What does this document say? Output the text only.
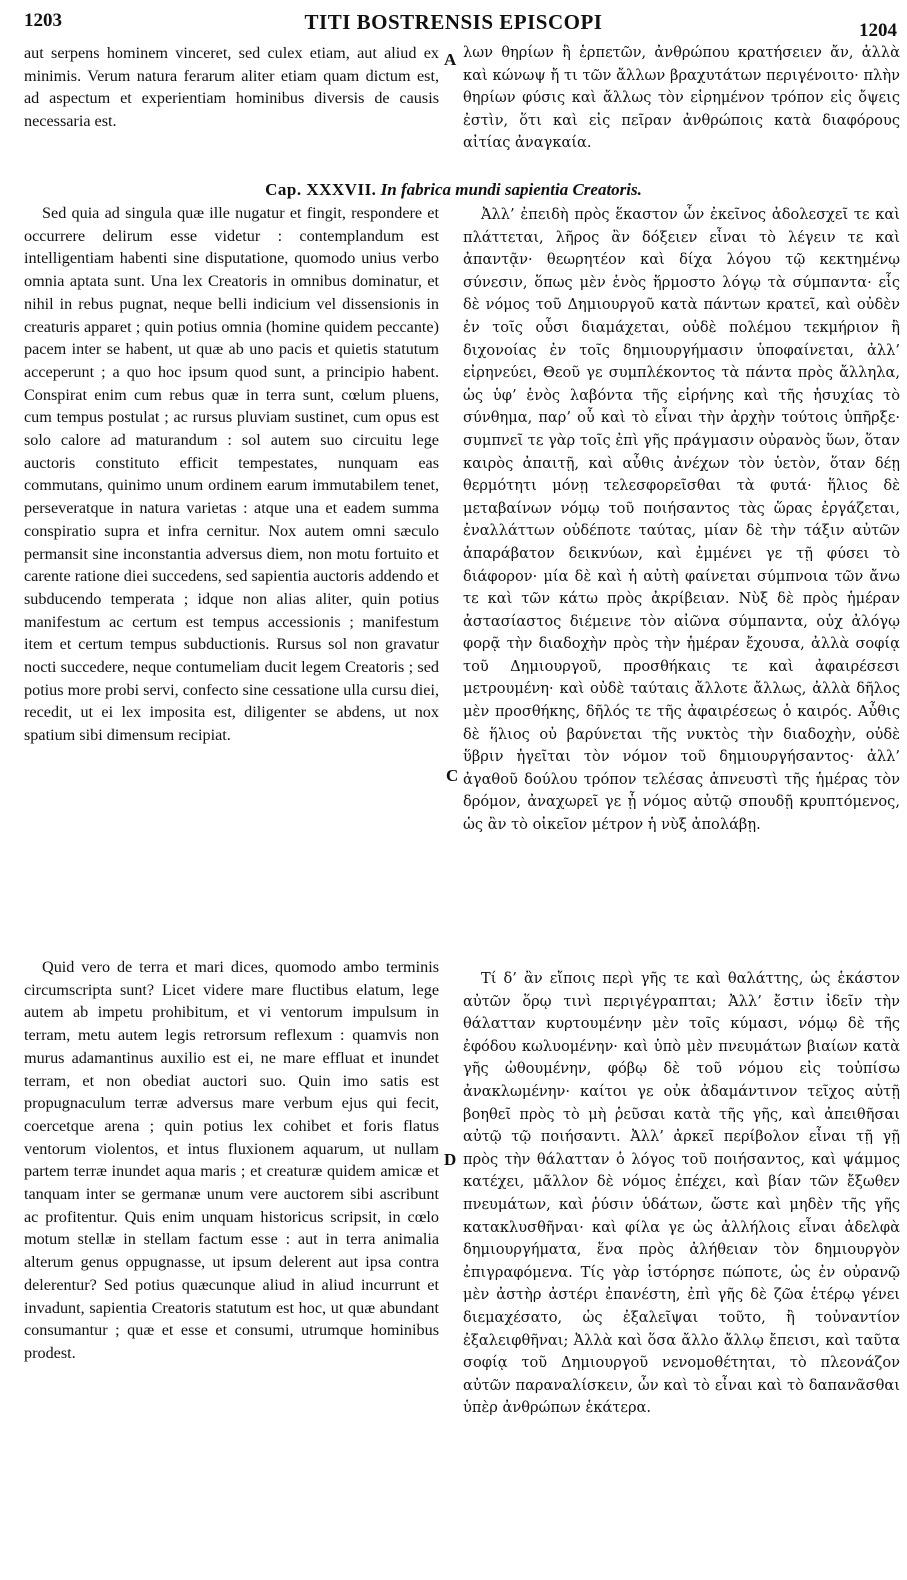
1203	TITI BOSTRENSIS EPISCOPI	1204

aut serpens hominem vinceret, sed culex etiam, aut aliud ex minimis. Verum natura ferarum aliter etiam quam dictum est, ad aspectum et experientiam hominibus diversis de causis necessaria est.

A λων θηρίων ἢ ἑρπετῶν, ἀνθρώπου κρατήσειεν ἄν, ἀλλὰ καὶ κώνωψ ἤ τι τῶν ἄλλων βραχυτάτων περιγένοιτο· πλὴν θηρίων φύσις καὶ ἄλλως τὸν εἰρημένον τρόπον εἰς ὄψεις ἐστὶν, ὅτι καὶ εἰς πεῖραν ἀνθρώποις κατὰ διαφόρους αἰτίας ἀναγκαία.

Cap. XXXVII. In fabrica mundi sapientia Creatoris.

Sed quia ad singula quæ ille nugatur et fingit, respondere et occurrere delirum esse videtur : contemplandum est intelligentiam habenti sine disputatione, quomodo unius verbo omnia aptata sunt. Una lex Creatoris in omnibus dominatur, et nihil in rebus pugnat, neque belli indicium vel dissensionis in creaturis apparet ; quin potius omnia (homine quidem peccante) pacem inter se habent, ut quæ ab uno pacis et quietis statutum acceperunt ; a quo hoc ipsum quod sunt, a principio habent. Conspirat enim cum rebus quæ in terra sunt, cœlum pluens, cum tempus postulat ; ac rursus pluviam sustinet, cum opus est solo calore ad maturandum : sol autem suo circuitu lege auctoris constituto efficit tempestates, nunquam eas commutans, quinimo unum ordinem earum immutabilem tenet, perseveratque in natura varietas : atque una et eadem summa conspiratio supra et infra cernitur. Nox autem omni sæculo permansit sine inconstantia adversus diem, non motu fortuito et carente ratione diei succedens, sed sapientia auctoris addendo et subducendo temperata ; idque non alias aliter, quin potius manifestum ac certum est tempus accessionis ; manifestum item et certum tempus subductionis. Rursus sol non gravatur nocti succedere, neque contumeliam ducit legem Creatoris ; sed potius more probi servi, confecto sine cessatione ulla cursu diei, recedit, ut ei lex imposita est, diligenter se abdens, ut nox spatium sibi dimensum recipiat.

C

Ἀλλ’ ἐπειδὴ πρὸς ἕκαστον ὧν ἐκεῖνος ἀδολεσχεῖ τε καὶ πλάττεται, λῆρος ἂν δόξειεν εἶναι τὸ λέγειν τε καὶ ἀπαντᾷν· θεωρητέον καὶ δίχα λόγου τῷ κεκτημένῳ σύνεσιν, ὅπως μὲν ἑνὸς ἥρμοστο λόγῳ τὰ σύμπαντα· εἷς δὲ νόμος τοῦ Δημιουργοῦ κατὰ πάντων κρατεῖ, καὶ οὐδὲν ἐν τοῖς οὖσι διαμάχεται, οὐδὲ πολέμου τεκμήριον ἢ διχονοίας ἐν τοῖς δημιουργήμασιν ὑποφαίνεται, ἀλλ’ εἰρηνεύει, Θεοῦ γε συμπλέκοντος τὰ πάντα πρὸς ἄλληλα, ὡς ὑφ’ ἑνὸς λαβόντα τῆς εἰρήνης καὶ τῆς ἡσυχίας τὸ σύνθημα, παρ’ οὗ καὶ τὸ εἶναι τὴν ἀρχὴν τούτοις ὑπῆρξε· συμπνεῖ τε γὰρ τοῖς ἐπὶ γῆς πράγμασιν οὐρανὸς ὕων, ὅταν καιρὸς ἀπαιτῇ, καὶ αὖθις ἀνέχων τὸν ὑετὸν, ὅταν δέῃ θερμότητι μόνῃ τελεσφορεῖσθαι τὰ φυτά· ἥλιος δὲ μεταβαίνων νόμῳ τοῦ ποιήσαντος τὰς ὥρας ἐργάζεται, ἐναλλάττων οὐδέποτε ταύτας, μίαν δὲ τὴν τάξιν αὐτῶν ἀπαράβατον δεικνύων, καὶ ἐμμένει γε τῇ φύσει τὸ διάφορον· μία δὲ καὶ ἡ αὐτὴ φαίνεται σύμπνοια τῶν ἄνω τε καὶ τῶν κάτω πρὸς ἀκρίβειαν. Νὺξ δὲ πρὸς ἡμέραν ἀστασίαστος διέμεινε τὸν αἰῶνα σύμπαντα, οὐχ ἀλόγῳ φορᾷ τὴν διαδοχὴν πρὸς τὴν ἡμέραν ἔχουσα, ἀλλὰ σοφίᾳ τοῦ Δημιουργοῦ, προσθήκαις τε καὶ ἀφαιρέσεσι μετρουμένη· καὶ οὐδὲ ταύταις ἄλλοτε ἄλλως, ἀλλὰ δῆλος μὲν προσθήκης, δῆλός τε τῆς ἀφαιρέσεως ὁ καιρός. Αὖθις δὲ ἥλιος οὐ βαρύνεται τῆς νυκτὸς τὴν διαδοχὴν, οὐδὲ ὕβριν ἡγεῖται τὸν νόμον τοῦ δημιουργήσαντος· ἀλλ’ ἀγαθοῦ δούλου τρόπον τελέσας ἀπνευστὶ τῆς ἡμέρας τὸν δρόμον, ἀναχωρεῖ γε ᾗ νόμος αὐτῷ σπουδῇ κρυπτόμενος, ὡς ἂν τὸ οἰκεῖον μέτρον ἡ νὺξ ἀπολάβῃ.

Quid vero de terra et mari dices, quomodo ambo terminis circumscripta sunt? Licet videre mare fluctibus elatum, lege autem ab impetu prohibitum, et vi ventorum impulsum in terram, metu autem legis retrorsum reflexum : quamvis non murus adamantinus auxilio est ei, ne mare effluat et inundet terram, et non obediat auctori suo. Quin imo satis est propugnaculum terræ adversus mare verbum ejus qui fecit, coercetque arena ; quin potius lex cohibet et foris flatus ventorum violentos, et intus fluxionem aquarum, ut nullam partem terræ inundet aqua maris ; et creaturæ quidem amicæ et tanquam inter se germanæ unum vere auctorem sibi ascribunt ac profitentur. Quis enim unquam historicus scripsit, in cœlo motum stellæ in stellam factum esse : aut in terra animalia alterum genus oppugnasse, ut ipsum delerent aut ipsa contra delerentur? Sed potius quæcunque aliud in aliud incurrunt et invadunt, sapientia Creatoris statutum est hoc, ut quæ abundant consumantur ; quæ et esse et consumi, utrumque hominibus prodest.

D

Τί δ’ ἂν εἴποις περὶ γῆς τε καὶ θαλάττης, ὡς ἑκάστον αὐτῶν ὅρῳ τινὶ περιγέγραπται; Ἀλλ’ ἔστιν ἰδεῖν τὴν θάλατταν κυρτουμένην μὲν τοῖς κύμασι, νόμῳ δὲ τῆς ἐφόδου κωλυομένην· καὶ ὑπὸ μὲν πνευμάτων βιαίων κατὰ γῆς ὠθουμένην, φόβῳ δὲ τοῦ νόμου εἰς τοὐπίσω ἀνακλωμένην· καίτοι γε οὐκ ἀδαμάντινον τεῖχος αὐτῇ βοηθεῖ πρὸς τὸ μὴ ῥεῦσαι κατὰ τῆς γῆς, καὶ ἀπειθῆσαι αὐτῷ τῷ ποιήσαντι. Ἀλλ’ ἀρκεῖ περίβολον εἶναι τῇ γῇ πρὸς τὴν θάλατταν ὁ λόγος τοῦ ποιήσαντος, καὶ ψάμμος κατέχει, μᾶλλον δὲ νόμος ἐπέχει, καὶ βίαν τῶν ἔξωθεν πνευμάτων, καὶ ῥύσιν ὑδάτων, ὥστε καὶ μηδὲν τῆς γῆς κατακλυσθῆναι· καὶ φίλα γε ὡς ἀλλήλοις εἶναι ἀδελφὰ δημιουργήματα, ἕνα πρὸς ἀλήθειαν τὸν δημιουργὸν ἐπιγραφόμενα. Τίς γὰρ ἱστόρησε πώποτε, ὡς ἐν οὐρανῷ μὲν ἀστὴρ ἀστέρι ἐπανέστη, ἐπὶ γῆς δὲ ζῶα ἑτέρῳ γένει διεμαχέσατο, ὡς ἐξαλεῖψαι τοῦτο, ἢ τοὐναντίον ἐξαλειφθῆναι; Ἀλλὰ καὶ ὅσα ἄλλο ἄλλῳ ἔπεισι, καὶ ταῦτα σοφίᾳ τοῦ Δημιουργοῦ νενομοθέτηται, τὸ πλεονάζον αὐτῶν παραναλίσκειν, ὧν καὶ τὸ εἶναι καὶ τὸ δαπανᾶσθαι ὑπὲρ ἀνθρώπων ἑκάτερα.
